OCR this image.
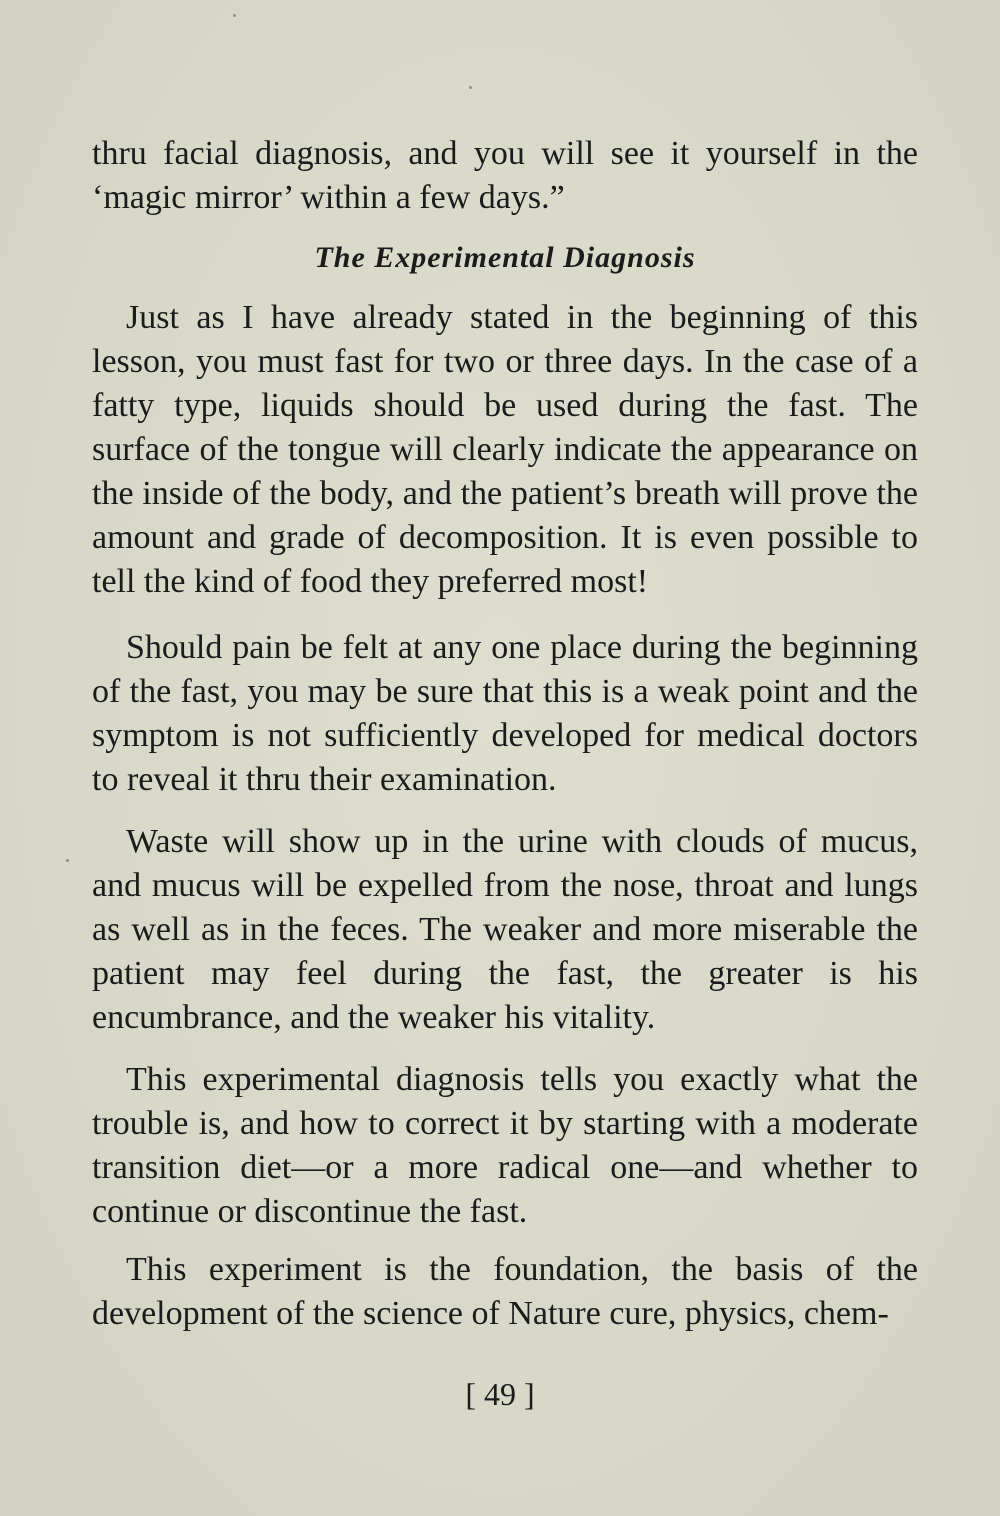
thru facial diagnosis, and you will see it yourself in the ‘magic mirror’ within a few days.”

The Experimental Diagnosis

Just as I have already stated in the beginning of this lesson, you must fast for two or three days. In the case of a fatty type, liquids should be used during the fast. The surface of the tongue will clearly indicate the appearance on the inside of the body, and the patient’s breath will prove the amount and grade of decomposition. It is even possible to tell the kind of food they preferred most!

Should pain be felt at any one place during the beginning of the fast, you may be sure that this is a weak point and the symptom is not sufficiently developed for medical doctors to reveal it thru their examination.

Waste will show up in the urine with clouds of mucus, and mucus will be expelled from the nose, throat and lungs as well as in the feces. The weaker and more miserable the patient may feel during the fast, the greater is his encumbrance, and the weaker his vitality.

This experimental diagnosis tells you exactly what the trouble is, and how to correct it by starting with a moderate transition diet—or a more radical one—and whether to continue or discontinue the fast.

This experiment is the foundation, the basis of the development of the science of Nature cure, physics, chem-

[ 49 ]
